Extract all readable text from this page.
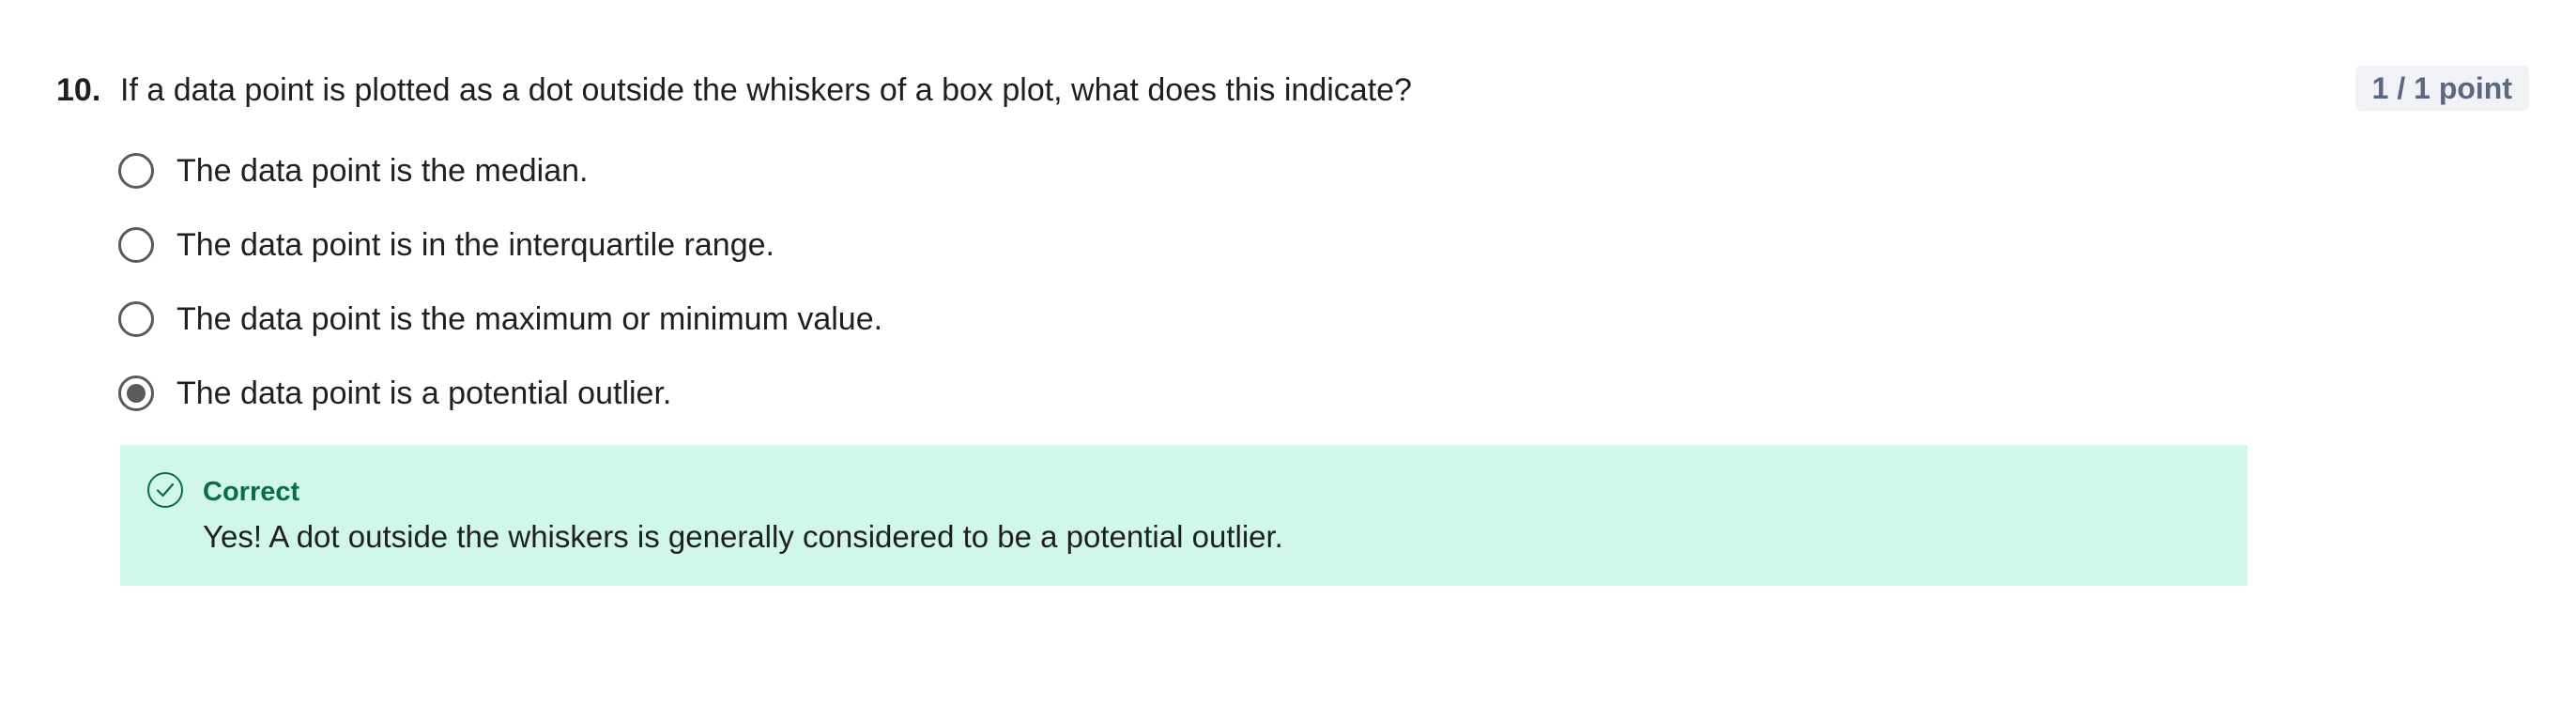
10. If a data point is plotted as a dot outside the whiskers of a box plot, what does this indicate?	1 / 1 point
The data point is the median.
The data point is in the interquartile range.
The data point is the maximum or minimum value.
The data point is a potential outlier.
Correct
Yes! A dot outside the whiskers is generally considered to be a potential outlier.
